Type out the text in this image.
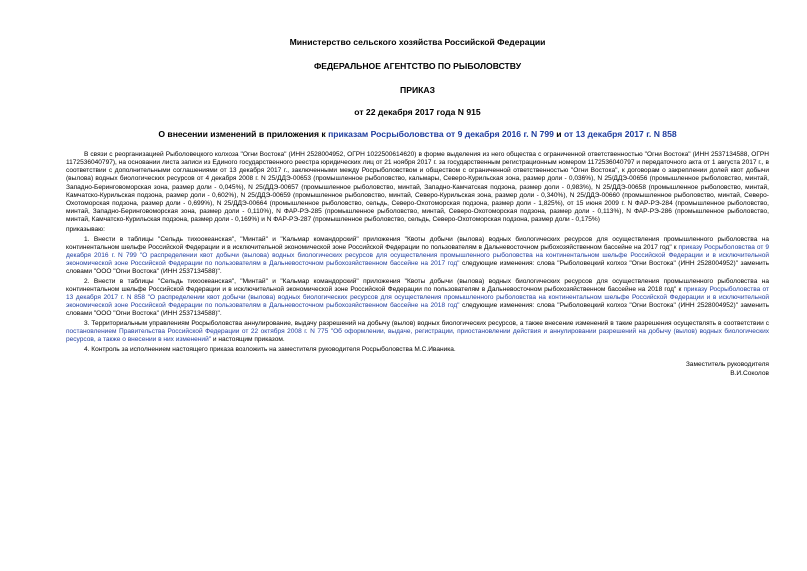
Министерство сельского хозяйства Российской Федерации
ФЕДЕРАЛЬНОЕ АГЕНТСТВО ПО РЫБОЛОВСТВУ
ПРИКАЗ
от 22 декабря 2017 года N 915
О внесении изменений в приложения к приказам Росрыболовства от 9 декабря 2016 г. N 799 и от 13 декабря 2017 г. N 858

В связи с реорганизацией Рыболовецкого колхоза "Огни Востока" (ИНН 2528004952, ОГРН 1022500614620) в форме выделения из него общества с ограниченной ответственностью "Огни Востока" (ИНН 2537134588, ОГРН 1172536040797), на основании листа записи из Единого государственного реестра юридических лиц от 21 ноября 2017 г. за государственным регистрационным номером 1172536040797 и передаточного акта от 1 августа 2017 г., в соответствии с дополнительными соглашениями от 13 декабря 2017 г., заключенными между Росрыболовством и обществом с ограниченной ответственностью "Огни Востока", к договорам о закреплении долей квот добычи (вылова) водных биологических ресурсов от 4 декабря 2008 г. N 25/ДДЭ-00653 (промышленное рыболовство, кальмары, Северо-Курильская зона, размер доли - 0,036%), N 25/ДДЭ-00656 (промышленное рыболовство, минтай, Западно-Беринговоморская зона, размер доли - 0,045%), N 25/ДДЭ-00657 (промышленное рыболовство, минтай, Западно-Камчатская подзона, размер доли - 0,983%), N 25/ДДЭ-00658 (промышленное рыболовство, минтай, Камчатско-Курильская подзона, размер доли - 0,602%), N 25/ДДЭ-00659 (промышленное рыболовство, минтай, Северо-Курильская зона, размер доли - 0,340%), N 25/ДДЭ-00660 (промышленное рыболовство, минтай, Северо-Охотоморская подзона, размер доли - 0,699%), N 25/ДДЭ-00664 (промышленное рыболовство, сельдь, Северо-Охотоморская подзона, размер доли - 1,825%), от 15 июня 2009 г. N ФАР-РЭ-284 (промышленное рыболовство, минтай, Западно-Беринговоморская зона, размер доли - 0,110%), N ФАР-РЭ-285 (промышленное рыболовство, минтай, Северо-Охотоморская подзона, размер доли - 0,113%), N ФАР-РЭ-286 (промышленное рыболовство, минтай, Камчатско-Курильская подзона, размер доли - 0,169%) и N ФАР-РЭ-287 (промышленное рыболовство, сельдь, Северо-Охотоморская подзона, размер доли - 0,175%)

приказываю:

1. Внести в таблицы "Сельдь тихоокеанская", "Минтай" и "Кальмар командорский" приложения "Квоты добычи (вылова) водных биологических ресурсов для осуществления промышленного рыболовства на континентальном шельфе Российской Федерации и в исключительной экономической зоне Российской Федерации по пользователям в Дальневосточном рыбохозяйственном бассейне на 2017 год" к приказу Росрыболовства от 9 декабря 2016 г. N 799 "О распределении квот добычи (вылова) водных биологических ресурсов для осуществления промышленного рыболовства на континентальном шельфе Российской Федерации и в исключительной экономической зоне Российской Федерации по пользователям в Дальневосточном рыбохозяйственном бассейне на 2017 год" следующие изменения: слова "Рыболовецкий колхоз "Огни Востока" (ИНН 2528004952)" заменить словами "ООО "Огни Востока" (ИНН 2537134588)".

2. Внести в таблицы "Сельдь тихоокеанская", "Минтай" и "Кальмар командорский" приложения "Квоты добычи (вылова) водных биологических ресурсов для осуществления промышленного рыболовства на континентальном шельфе Российской Федерации и в исключительной экономической зоне Российской Федерации по пользователям в Дальневосточном рыбохозяйственном бассейне на 2018 год" к приказу Росрыболовства от 13 декабря 2017 г. N 858 "О распределении квот добычи (вылова) водных биологических ресурсов для осуществления промышленного рыболовства на континентальном шельфе Российской Федерации и в исключительной экономической зоне Российской Федерации по пользователям в Дальневосточном рыбохозяйственном бассейне на 2018 год" следующие изменения: слова "Рыболовецкий колхоз "Огни Востока" (ИНН 2528004952)" заменить словами "ООО "Огни Востока" (ИНН 2537134588)".

3. Территориальным управлениям Росрыболовства аннулирование, выдачу разрешений на добычу (вылов) водных биологических ресурсов, а также внесение изменений в такие разрешения осуществлять в соответствии с постановлением Правительства Российской Федерации от 22 октября 2008 г. N 775 "Об оформлении, выдаче, регистрации, приостановлении действия и аннулировании разрешений на добычу (вылов) водных биологических ресурсов, а также о внесении в них изменений" и настоящим приказом.

4. Контроль за исполнением настоящего приказа возложить на заместителя руководителя Росрыболовства М.С.Иваника.

Заместитель руководителя
В.И.Соколов
